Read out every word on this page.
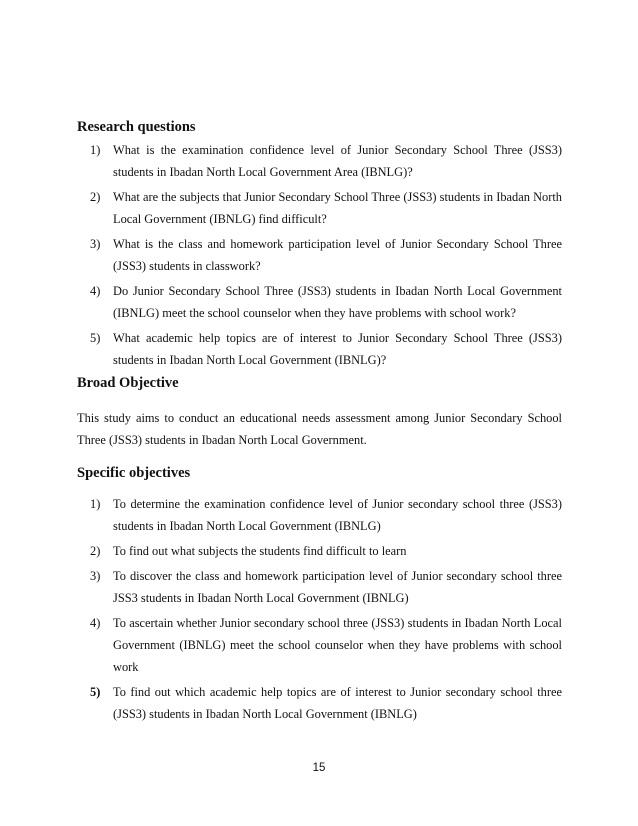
Research questions
1) What is the examination confidence level of Junior Secondary School Three (JSS3) students in Ibadan North Local Government Area (IBNLG)?
2) What are the subjects that Junior Secondary School Three (JSS3) students in Ibadan North Local Government (IBNLG) find difficult?
3) What is the class and homework participation level of Junior Secondary School Three (JSS3) students in classwork?
4) Do Junior Secondary School Three (JSS3) students in Ibadan North Local Government (IBNLG) meet the school counselor when they have problems with school work?
5) What academic help topics are of interest to Junior Secondary School Three (JSS3) students in Ibadan North Local Government (IBNLG)?
Broad Objective

This study aims to conduct an educational needs assessment among Junior Secondary School Three (JSS3) students in Ibadan North Local Government.

Specific objectives
1) To determine the examination confidence level of Junior secondary school three (JSS3) students in Ibadan North Local Government (IBNLG)
2) To find out what subjects the students find difficult to learn
3) To discover the class and homework participation level of Junior secondary school three JSS3 students in Ibadan North Local Government (IBNLG)
4) To ascertain whether Junior secondary school three (JSS3) students in Ibadan North Local Government (IBNLG) meet the school counselor when they have problems with school work
5) To find out which academic help topics are of interest to Junior secondary school three (JSS3) students in Ibadan North Local Government (IBNLG)
15
